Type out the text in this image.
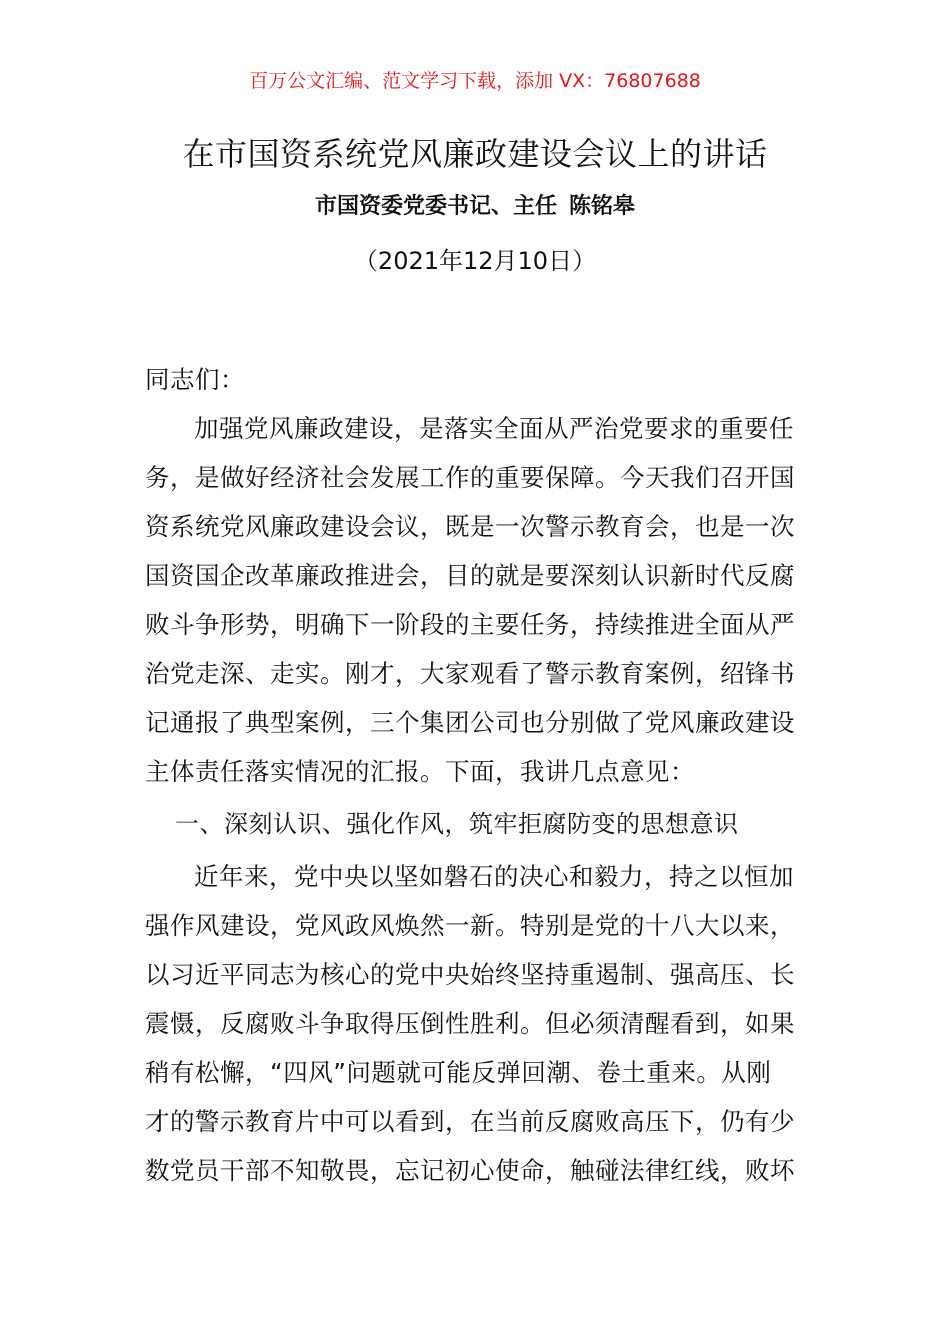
百万公文汇编、范文学习下载，添加 VX：76807688
在市国资系统党风廉政建设会议上的讲话
市国资委党委书记、主任 陈铭皋
（2021年12月10日）
同志们：
加强党风廉政建设，是落实全面从严治党要求的重要任
务，是做好经济社会发展工作的重要保障。今天我们召开国
资系统党风廉政建设会议，既是一次警示教育会，也是一次
国资国企改革廉政推进会，目的就是要深刻认识新时代反腐
败斗争形势，明确下一阶段的主要任务，持续推进全面从严
治党走深、走实。刚才，大家观看了警示教育案例，绍锋书
记通报了典型案例，三个集团公司也分别做了党风廉政建设
主体责任落实情况的汇报。下面，我讲几点意见：
一、深刻认识、强化作风，筑牢拒腐防变的思想意识
近年来，党中央以坚如磐石的决心和毅力，持之以恒加
强作风建设，党风政风焕然一新。特别是党的十八大以来，
以习近平同志为核心的党中央始终坚持重遏制、强高压、长
震慑，反腐败斗争取得压倒性胜利。但必须清醒看到，如果
稍有松懈，“四风”问题就可能反弹回潮、卷土重来。从刚
才的警示教育片中可以看到，在当前反腐败高压下，仍有少
数党员干部不知敬畏，忘记初心使命，触碰法律红线，败坏
